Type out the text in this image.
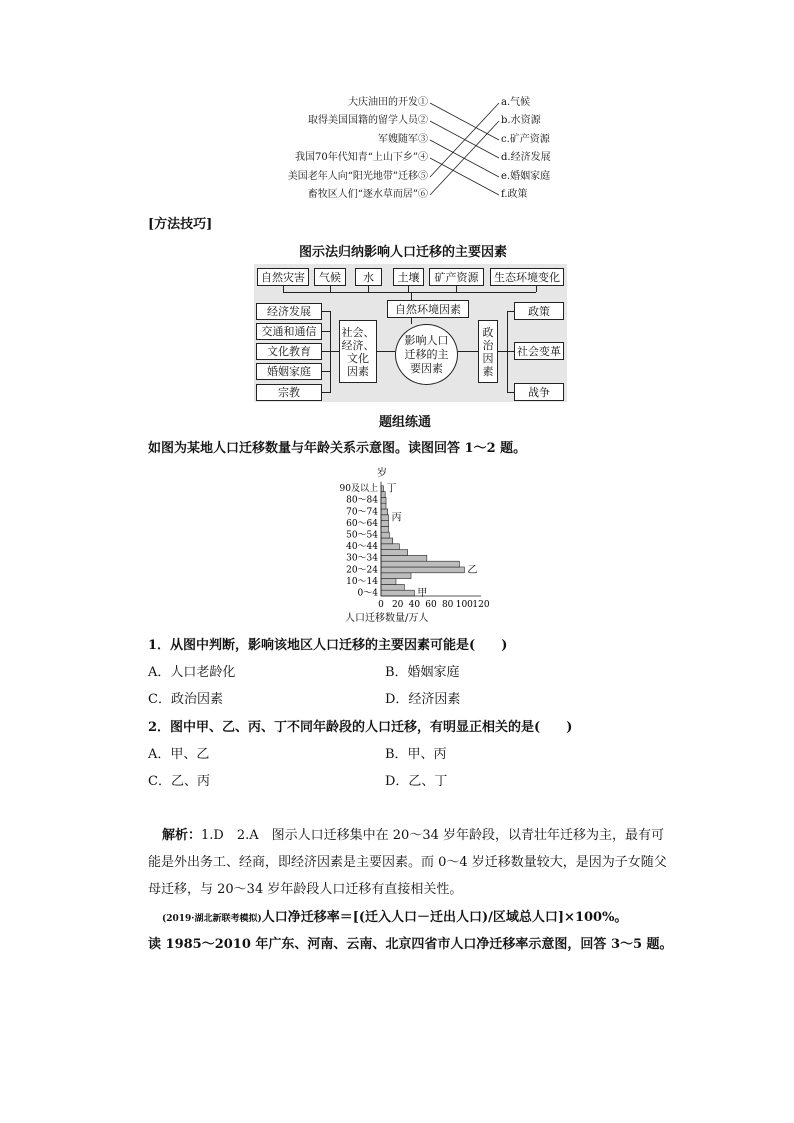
大庆油田的开发①
取得美国国籍的留学人员②
军嫂随军③
我国70年代知青“上山下乡”④
美国老年人向“阳光地带”迁移⑤
畜牧区人们“逐水草而居”⑥
a.气候
b.水资源
c.矿产资源
d.经济发展
e.婚姻家庭
f.政策
[方法技巧]
图示法归纳影响人口迁移的主要因素
自然灾害	气候	水	土壤	矿产资源	生态环境变化
自然环境因素
经济发展
交通和通信
文化教育
婚姻家庭
宗教
社会、
经济、
文化
因素
影响人口
迁移的主
要因素
政
治
因
素
政策
社会变革
战争
题组练通
如图为某地人口迁移数量与年龄关系示意图。读图回答 1～2 题。
岁
0～4
10～14
20～24
30～34
40～44
50～54
60～64
70～74
80～84
90及以上
0 20 40 60 80 100 120
甲
乙
丙
丁
人口迁移数量/万人
1．从图中判断，影响该地区人口迁移的主要因素可能是(　　)
A．人口老龄化	B．婚姻家庭
C．政治因素	D．经济因素
2．图中甲、乙、丙、丁不同年龄段的人口迁移，有明显正相关的是(　　)
A．甲、乙	B．甲、丙
C．乙、丙	D．乙、丁
解析：1.D　2.A　 图示人口迁移集中在 20～34 岁年龄段，以青壮年迁移为主，最有可
能是外出务工、经商，即经济因素是主要因素。而 0～4 岁迁移数量较大，是因为子女随父
母迁移，与 20～34 岁年龄段人口迁移有直接相关性。
(2019·湖北新联考模拟)人口净迁移率＝[(迁入人口－迁出人口)/区域总人口]×100%。
读 1985～2010 年广东、河南、云南、北京四省市人口净迁移率示意图，回答 3～5 题。
